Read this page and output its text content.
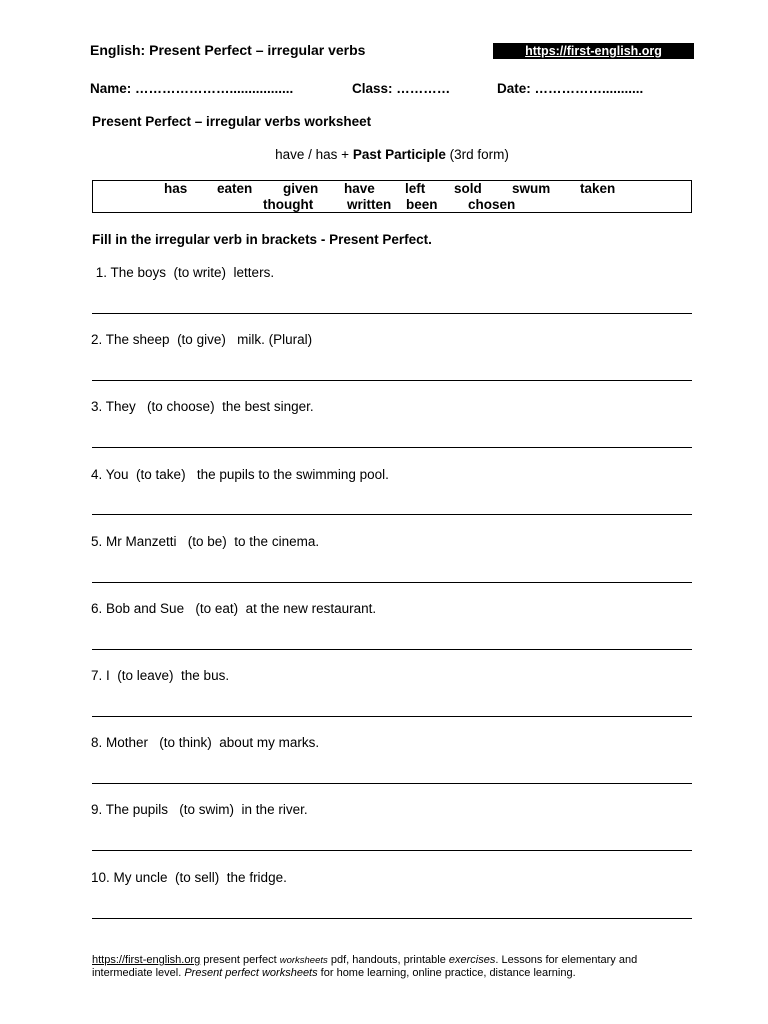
English: Present Perfect – irregular verbs	https://first-english.org
Name: ………………….................	Class: …………	Date: ……………...........
Present Perfect – irregular verbs worksheet
have / has + Past Participle (3rd form)
has eaten given have left sold swum taken
thought	written been chosen
Fill in the irregular verb in brackets - Present Perfect.
1. The boys  (to write)  letters.
2. The sheep  (to give)   milk. (Plural)
3. They   (to choose)  the best singer.
4. You  (to take)   the pupils to the swimming pool.
5. Mr Manzetti   (to be)  to the cinema.
6. Bob and Sue   (to eat)  at the new restaurant.
7. I  (to leave)  the bus.
8. Mother   (to think)  about my marks.
9. The pupils   (to swim)  in the river.
10. My uncle  (to sell)  the fridge.
https://first-english.org present perfect worksheets pdf, handouts, printable exercises. Lessons for elementary and intermediate level. Present perfect worksheets for home learning, online practice, distance learning.
